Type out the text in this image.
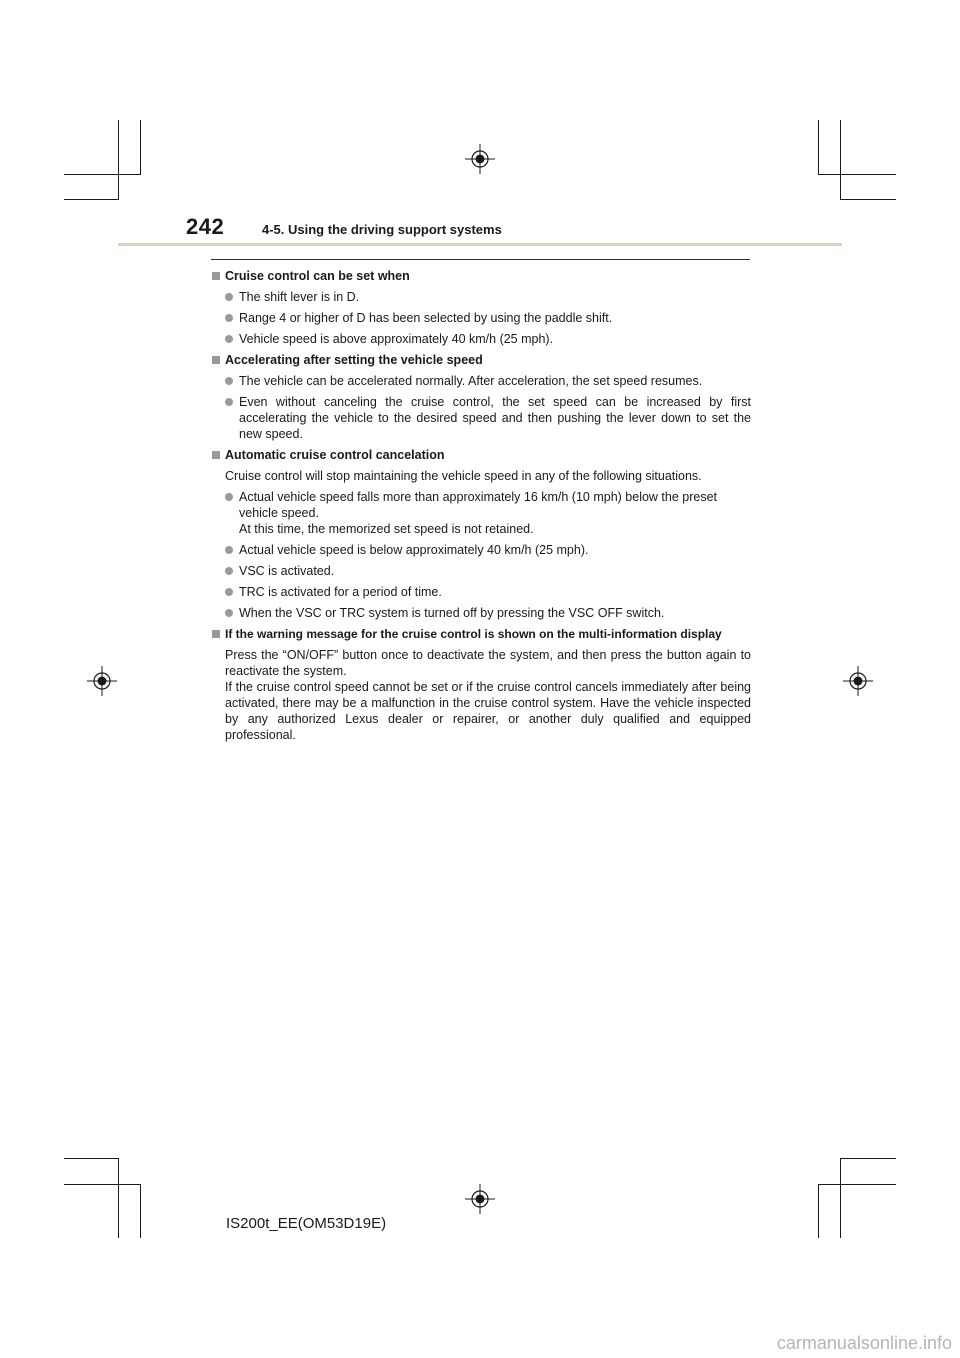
242	4-5. Using the driving support systems
Cruise control can be set when
The shift lever is in D.
Range 4 or higher of D has been selected by using the paddle shift.
Vehicle speed is above approximately 40 km/h (25 mph).
Accelerating after setting the vehicle speed
The vehicle can be accelerated normally. After acceleration, the set speed resumes.
Even without canceling the cruise control, the set speed can be increased by first accelerating the vehicle to the desired speed and then pushing the lever down to set the new speed.
Automatic cruise control cancelation
Cruise control will stop maintaining the vehicle speed in any of the following situations.
Actual vehicle speed falls more than approximately 16 km/h (10 mph) below the preset vehicle speed.
At this time, the memorized set speed is not retained.
Actual vehicle speed is below approximately 40 km/h (25 mph).
VSC is activated.
TRC is activated for a period of time.
When the VSC or TRC system is turned off by pressing the VSC OFF switch.
If the warning message for the cruise control is shown on the multi-information display
Press the “ON/OFF” button once to deactivate the system, and then press the button again to reactivate the system.
If the cruise control speed cannot be set or if the cruise control cancels immediately after being activated, there may be a malfunction in the cruise control system. Have the vehicle inspected by any authorized Lexus dealer or repairer, or another duly qualified and equipped professional.
IS200t_EE(OM53D19E)
carmanualsonline.info
